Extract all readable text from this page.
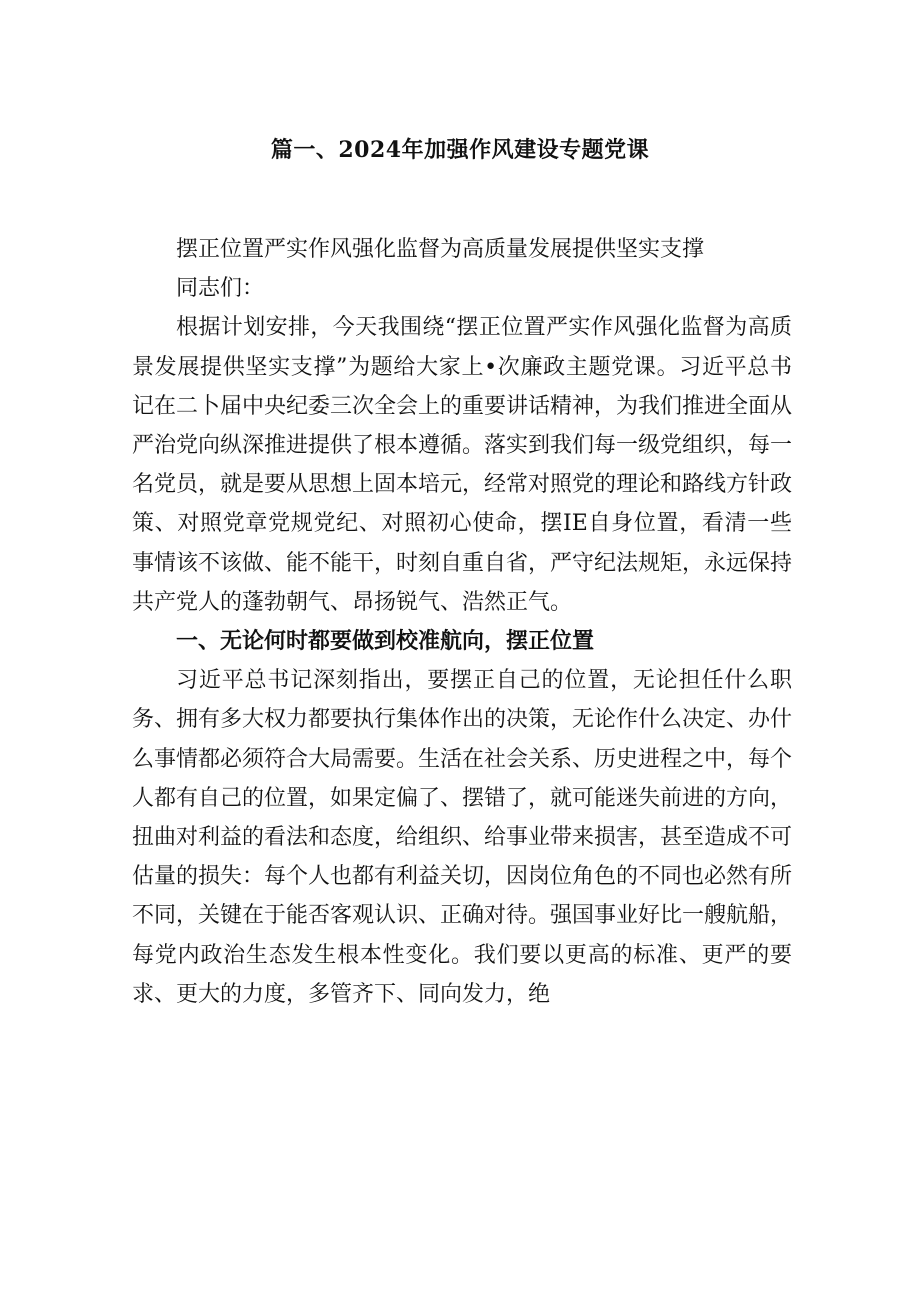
篇一、2024年加强作风建设专题党课

摆正位置严实作风强化监督为高质量发展提供坚实支撑

同志们：

根据计划安排，今天我围绕“摆正位置严实作风强化监督为高质景发展提供坚实支撑”为题给大家上•次廉政主题党课。习近平总书记在二卜届中央纪委三次全会上的重要讲话精神，为我们推进全面从严治党向纵深推进提供了根本遵循。落实到我们每一级党组织，每一名党员，就是要从思想上固本培元，经常对照党的理论和路线方针政策、对照党章党规党纪、对照初心使命，摆IE自身位置，看清一些事情该不该做、能不能干，时刻自重自省，严守纪法规矩，永远保持共产党人的蓬勃朝气、昂扬锐气、浩然正气。

一、无论何时都要做到校准航向，摆正位置

习近平总书记深刻指出，要摆正自己的位置，无论担任什么职务、拥有多大权力都要执行集体作出的决策，无论作什么决定、办什么事情都必须符合大局需要。生活在社会关系、历史进程之中，每个人都有自己的位置，如果定偏了、摆错了，就可能迷失前进的方向，扭曲对利益的看法和态度，给组织、给事业带来损害，甚至造成不可估量的损失：每个人也都有利益关切，因岗位角色的不同也必然有所不同，关键在于能否客观认识、正确对待。强国事业好比一艘航船，每党内政治生态发生根本性变化。我们要以更高的标准、更严的要求、更大的力度，多管齐下、同向发力，绝
